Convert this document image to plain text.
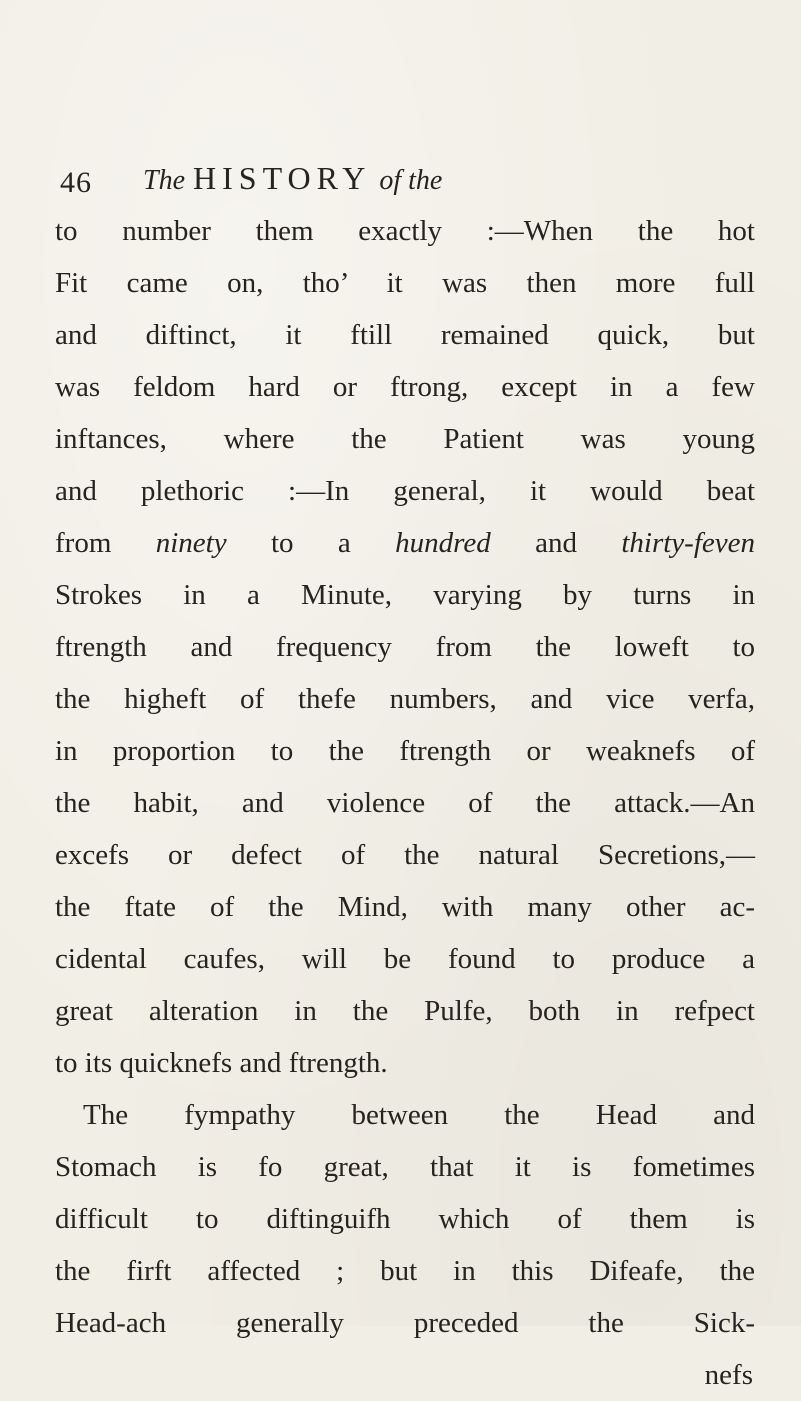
46 The HISTORY of the
to number them exactly :—When the hot
Fit came on, tho’ it was then more full
and diftinct, it ftill remained quick, but
was feldom hard or ftrong, except in a few
inftances, where the Patient was young
and plethoric :—In general, it would beat
from ninety to a hundred and thirty-feven
Strokes in a Minute, varying by turns in
ftrength and frequency from the loweft to
the higheft of thefe numbers, and vice verfa,
in proportion to the ftrength or weaknefs of
the habit, and violence of the attack.—An
excefs or defect of the natural Secretions,—
the ftate of the Mind, with many other ac-
cidental caufes, will be found to produce a
great alteration in the Pulfe, both in refpect
to its quicknefs and ftrength.
The fympathy between the Head and
Stomach is fo great, that it is fometimes
difficult to diftinguifh which of them is
the firft affected ; but in this Difeafe, the
Head-ach generally preceded the Sick-
nefs
